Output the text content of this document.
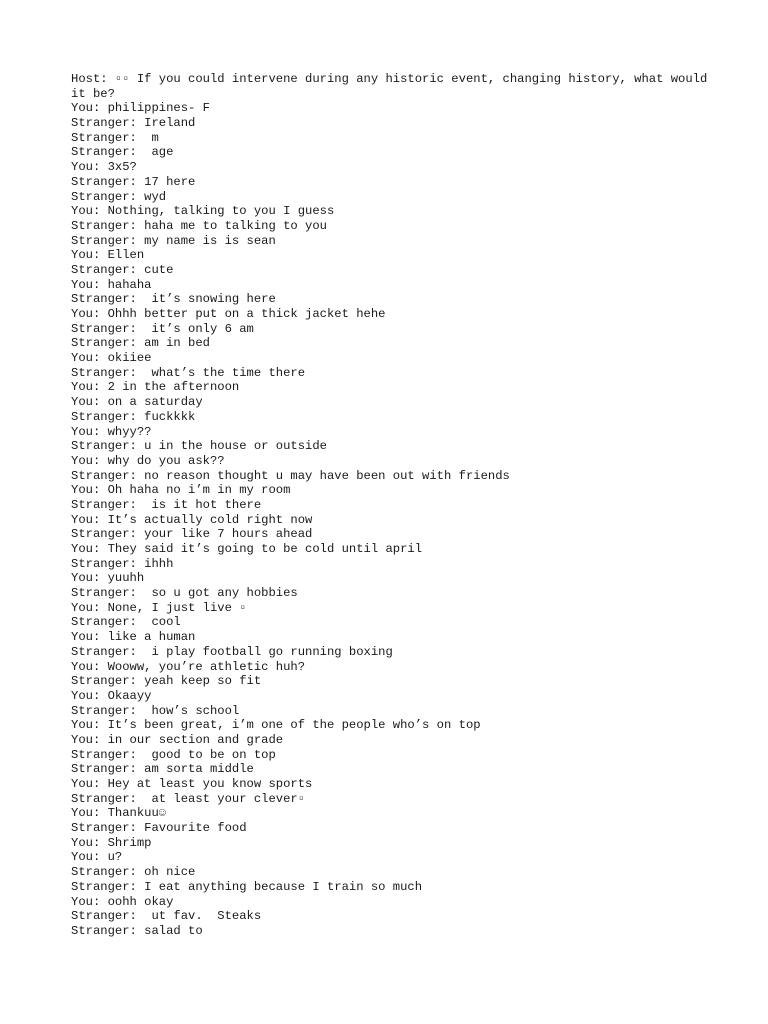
Host: ▫▫ If you could intervene during any historic event, changing history, what would it be?
You: philippines- F
Stranger: Ireland
Stranger:  m
Stranger:  age
You: 3x5?
Stranger: 17 here
Stranger: wyd
You: Nothing, talking to you I guess
Stranger: haha me to talking to you
Stranger: my name is is sean
You: Ellen
Stranger: cute
You: hahaha
Stranger:  it’s snowing here
You: Ohhh better put on a thick jacket hehe
Stranger:  it’s only 6 am
Stranger: am in bed
You: okiiee
Stranger:  what’s the time there
You: 2 in the afternoon
You: on a saturday
Stranger: fuckkkk
You: whyy??
Stranger: u in the house or outside
You: why do you ask??
Stranger: no reason thought u may have been out with friends
You: Oh haha no i’m in my room
Stranger:  is it hot there
You: It’s actually cold right now
Stranger: your like 7 hours ahead
You: They said it’s going to be cold until april
Stranger: ihhh
You: yuuhh
Stranger:  so u got any hobbies
You: None, I just live ▫
Stranger:  cool
You: like a human
Stranger:  i play football go running boxing
You: Wooww, you’re athletic huh?
Stranger: yeah keep so fit
You: Okaayy
Stranger:  how’s school
You: It’s been great, i’m one of the people who’s on top
You: in our section and grade
Stranger:  good to be on top
Stranger: am sorta middle
You: Hey at least you know sports
Stranger:  at least your clever▫
You: Thankuu☺
Stranger: Favourite food
You: Shrimp
You: u?
Stranger: oh nice
Stranger: I eat anything because I train so much
You: oohh okay
Stranger:  ut fav.  Steaks
Stranger: salad to
